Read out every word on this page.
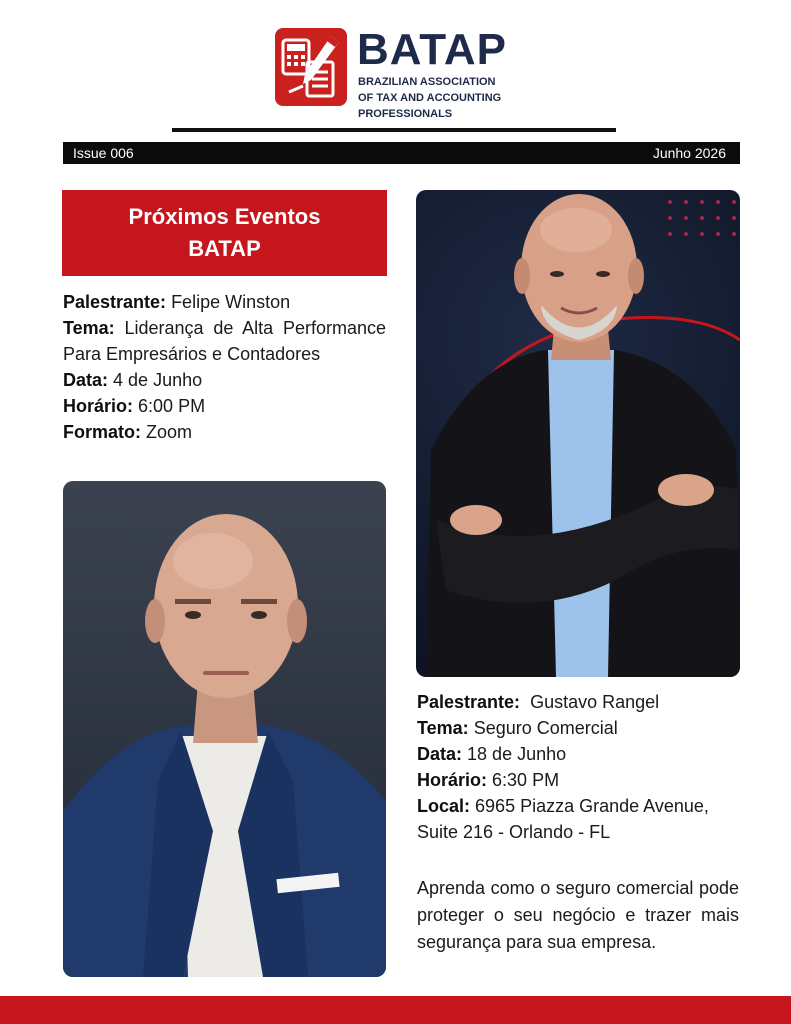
BATAP
BRAZILIAN ASSOCIATION
OF TAX AND ACCOUNTING
PROFESSIONALS
Issue 006	Junho 2026
Próximos Eventos
BATAP
Palestrante: Felipe Winston
Tema: Liderança de Alta Performance Para Empresários e Contadores
Data: 4 de Junho
Horário: 6:00 PM
Formato: Zoom
Palestrante: Gustavo Rangel
Tema: Seguro Comercial
Data: 18 de Junho
Horário: 6:30 PM
Local: 6965 Piazza Grande Avenue, Suite 216 - Orlando - FL
Aprenda como o seguro comercial pode proteger o seu negócio e trazer mais segurança para sua empresa.
